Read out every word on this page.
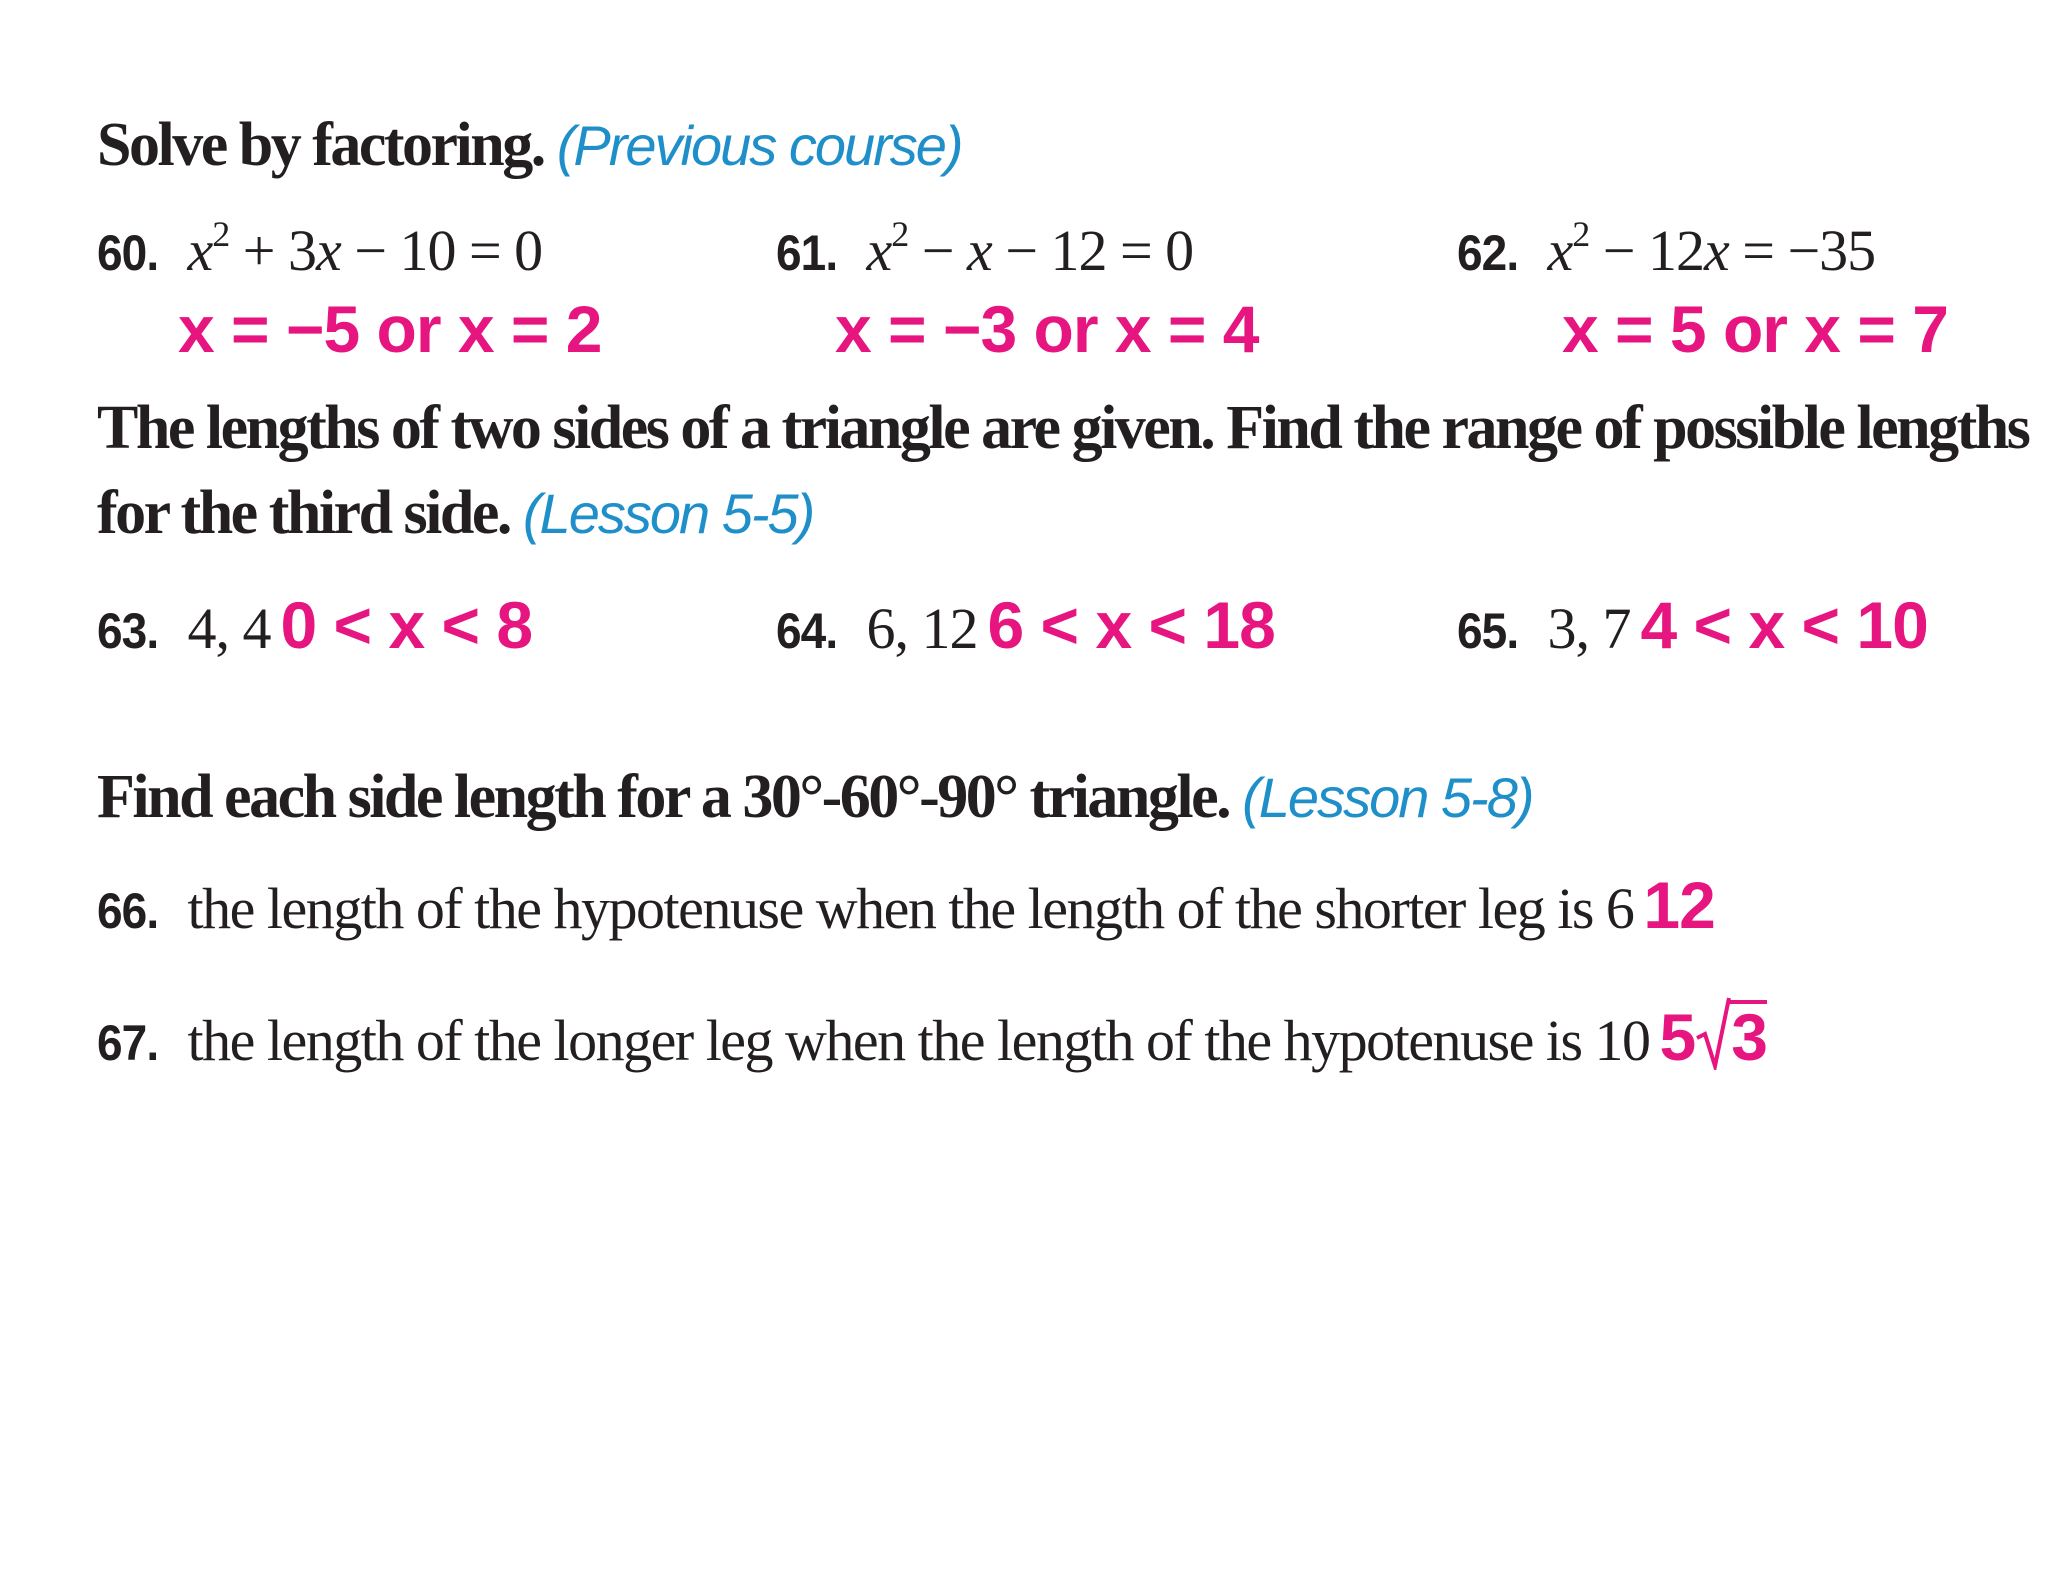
Solve by factoring. (Previous course)
60. $x^2 + 3x - 10 = 0$
x = −5 or x = 2
61. $x^2 - x - 12 = 0$
x = −3 or x = 4
62. $x^2 - 12x = -35$
x = 5 or x = 7
The lengths of two sides of a triangle are given. Find the range of possible lengths
for the third side. (Lesson 5-5)
63. 4, 4 0 < x < 8	64. 6, 12 6 < x < 18	65. 3, 7 4 < x < 10
Find each side length for a 30°-60°-90° triangle. (Lesson 5-8)
66. the length of the hypotenuse when the length of the shorter leg is 6 12
67. the length of the longer leg when the length of the hypotenuse is 10 5 3
